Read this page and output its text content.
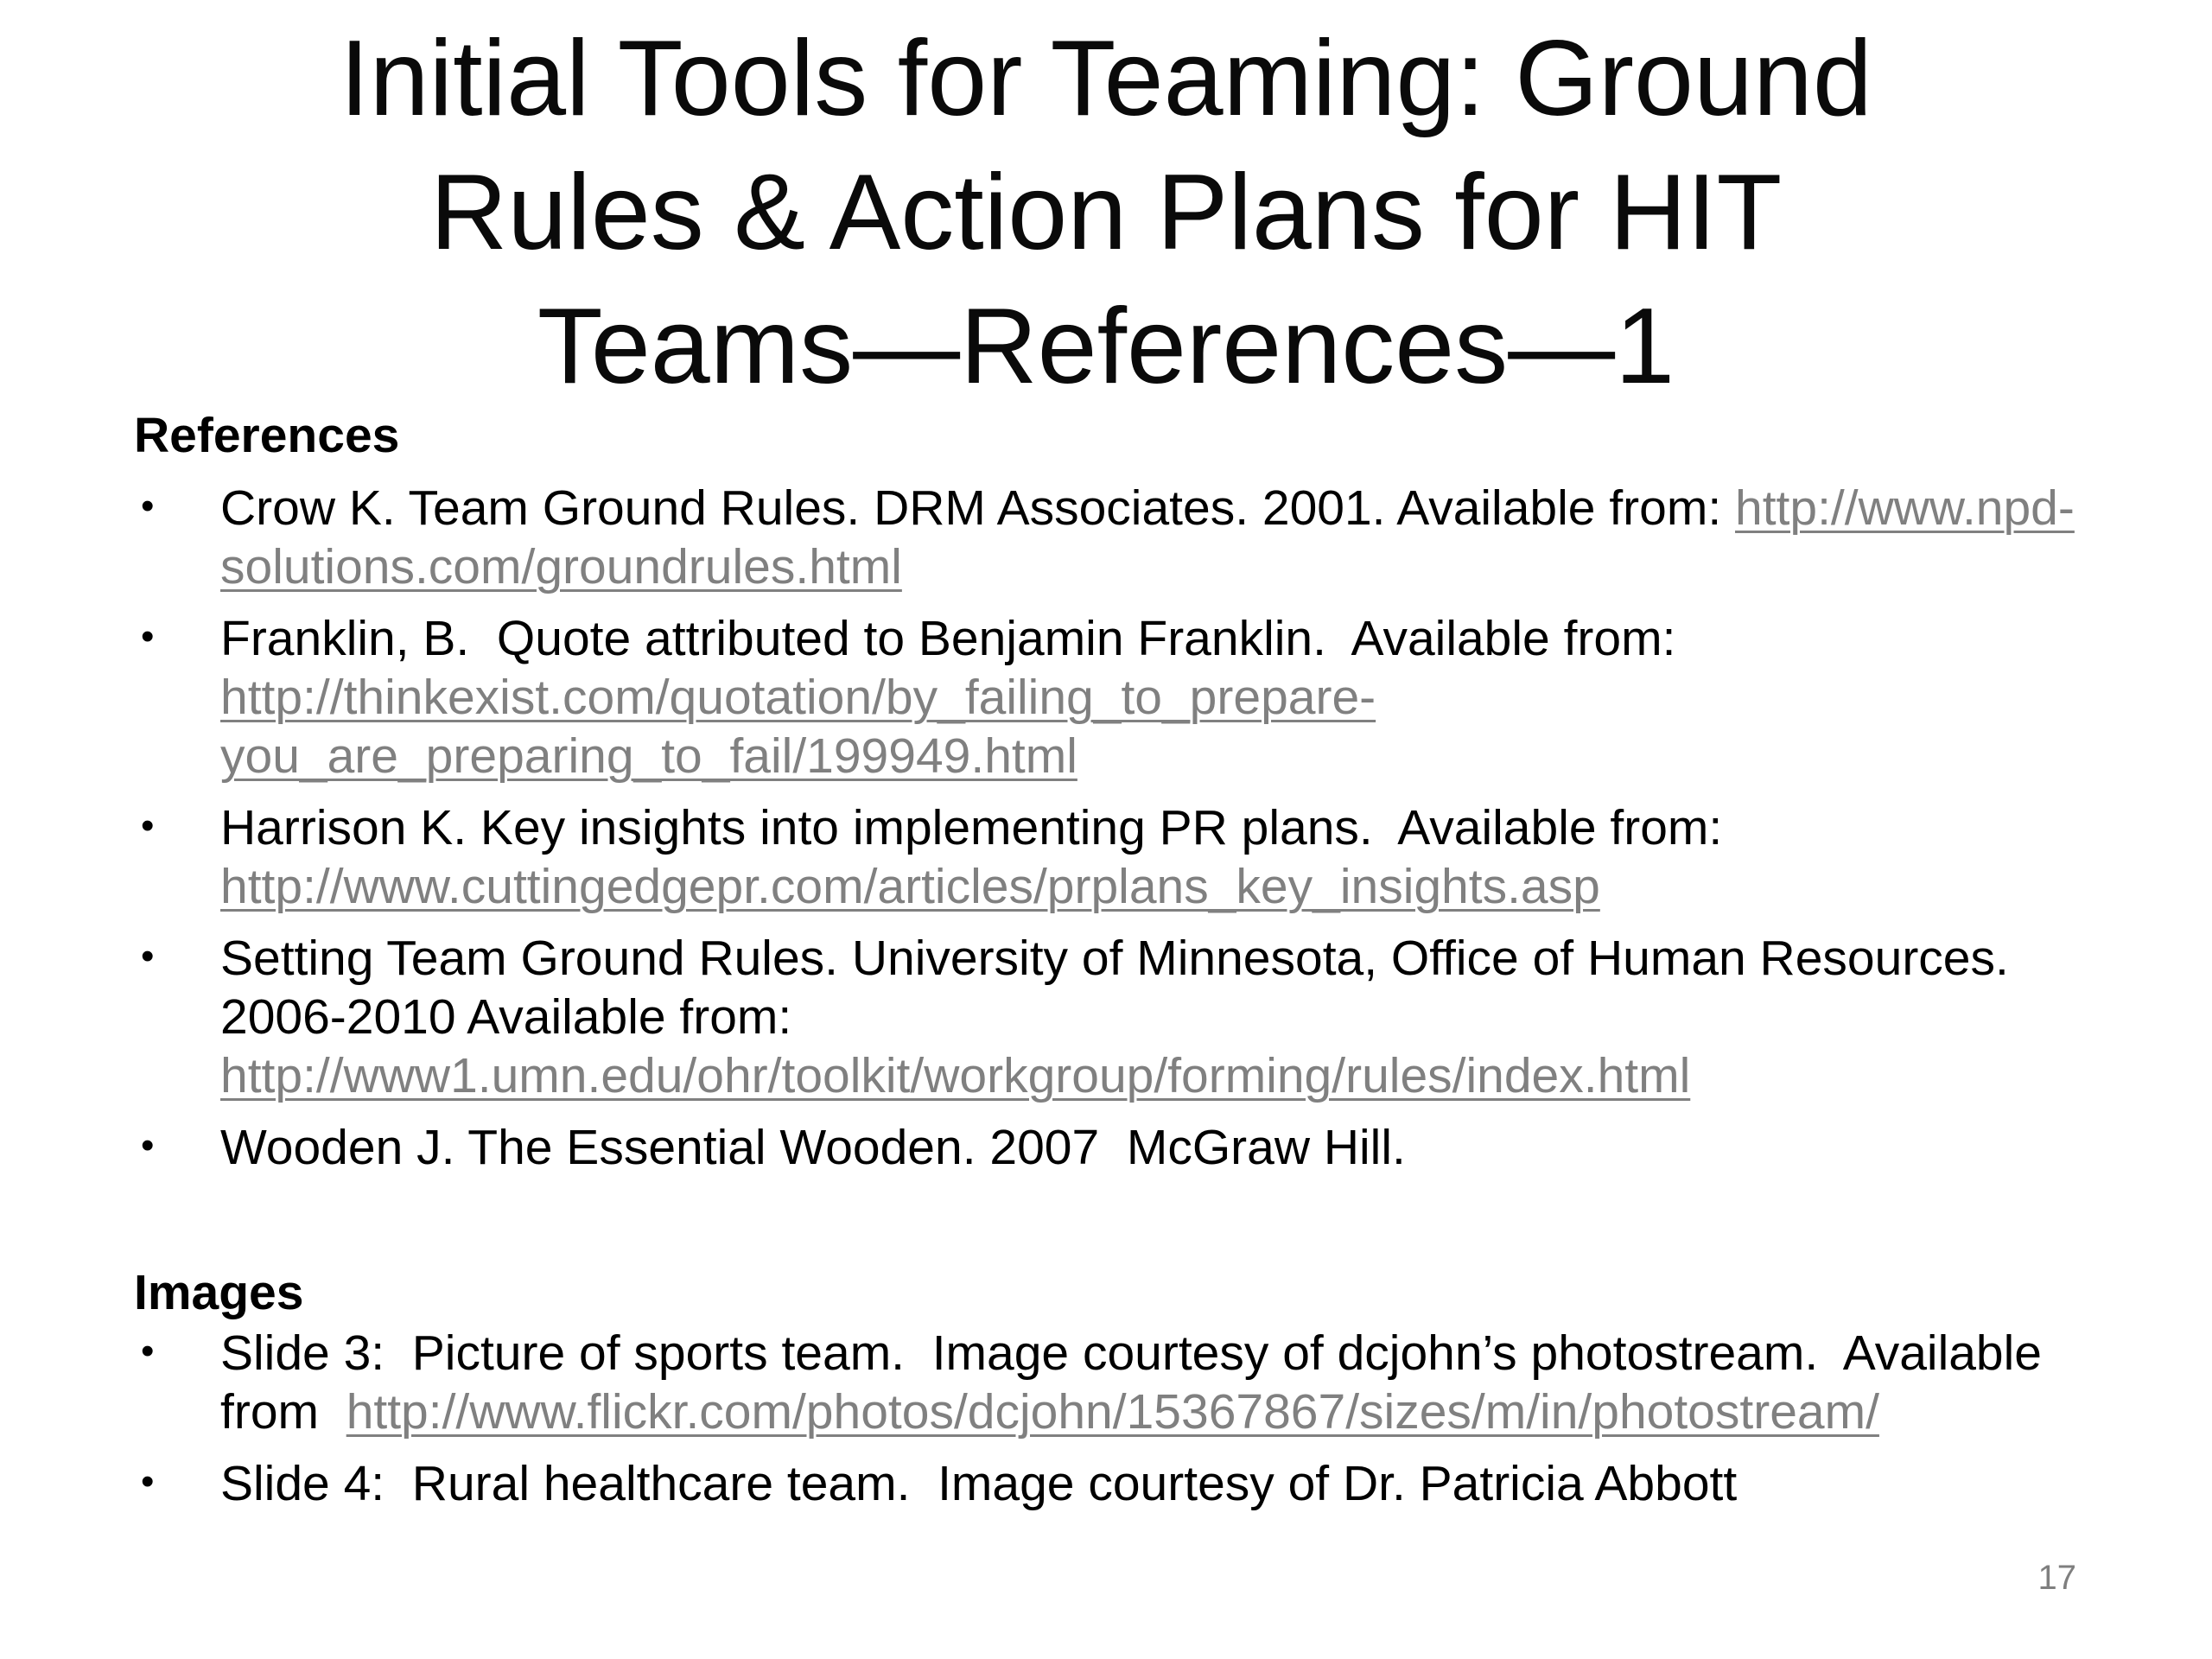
Initial Tools for Teaming: Ground
Rules & Action Plans for HIT
Teams—References—1
References
• Crow K. Team Ground Rules. DRM Associates. 2001. Available from: http://www.npd-
solutions.com/groundrules.html
• Franklin, B.  Quote attributed to Benjamin Franklin.  Available from:
http://thinkexist.com/quotation/by_failing_to_prepare-
you_are_preparing_to_fail/199949.html
• Harrison K. Key insights into implementing PR plans.  Available from:
http://www.cuttingedgepr.com/articles/prplans_key_insights.asp
• Setting Team Ground Rules. University of Minnesota, Office of Human Resources.
2006-2010 Available from:
http://www1.umn.edu/ohr/toolkit/workgroup/forming/rules/index.html
• Wooden J. The Essential Wooden. 2007  McGraw Hill.
Images
• Slide 3:  Picture of sports team.  Image courtesy of dcjohn’s photostream.  Available
from  http://www.flickr.com/photos/dcjohn/15367867/sizes/m/in/photostream/
• Slide 4:  Rural healthcare team.  Image courtesy of Dr. Patricia Abbott
17
